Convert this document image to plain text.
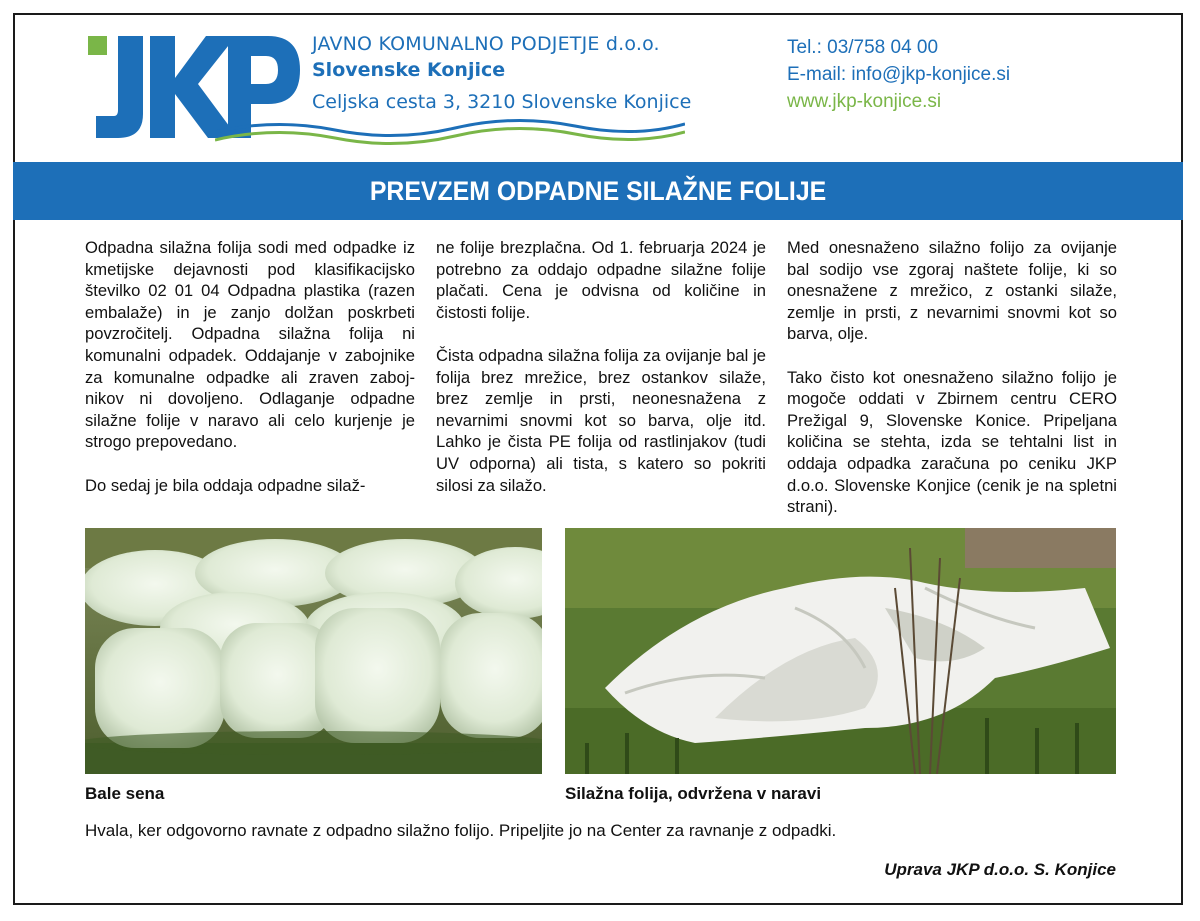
JAVNO KOMUNALNO PODJETJE d.o.o.
Slovenske Konjice
Celjska cesta 3, 3210 Slovenske Konjice
Tel.: 03/758 04 00
E-mail: info@jkp-konjice.si
www.jkp-konjice.si
PREVZEM ODPADNE SILAŽNE FOLIJE

Odpadna silažna folija sodi med odpadke iz kmetijske dejavnosti pod klasifikacijsko številko 02 01 04 Odpadna plastika (razen embalaže) in je zanjo dolžan poskrbeti povzročitelj. Odpadna silažna folija ni komunalni odpadek. Oddajanje v zabojnike za komunalne odpadke ali zraven zabojnikov ni dovoljeno. Odlaganje odpadne silažne folije v naravo ali celo kurjenje je strogo prepovedano.

Do sedaj je bila oddaja odpadne silaž-

ne folije brezplačna. Od 1. februarja 2024 je potrebno za oddajo odpadne silažne folije plačati. Cena je odvisna od količine in čistosti folije.

Čista odpadna silažna folija za ovijanje bal je folija brez mrežice, brez ostankov silaže, brez zemlje in prsti, neonesnažena z nevarnimi snovmi kot so barva, olje itd. Lahko je čista PE folija od rastlinjakov (tudi UV odporna) ali tista, s katero so pokriti silosi za silažo.

Med onesnaženo silažno folijo za ovijanje bal sodijo vse zgoraj naštete folije, ki so onesnažene z mrežico, z ostanki silaže, zemlje in prsti, z nevarnimi snovmi kot so barva, olje.

Tako čisto kot onesnaženo silažno folijo je mogoče oddati v Zbirnem centru CERO Prežigal 9, Slovenske Konice. Pripeljana količina se stehta, izda se tehtalni list in oddaja odpadka zaračuna po ceniku JKP d.o.o. Slovenske Konjice (cenik je na spletni strani).

Bale sena	Silažna folija, odvržena v naravi
Hvala, ker odgovorno ravnate z odpadno silažno folijo. Pripeljite jo na Center za ravnanje z odpadki.
Uprava JKP d.o.o. S. Konjice
